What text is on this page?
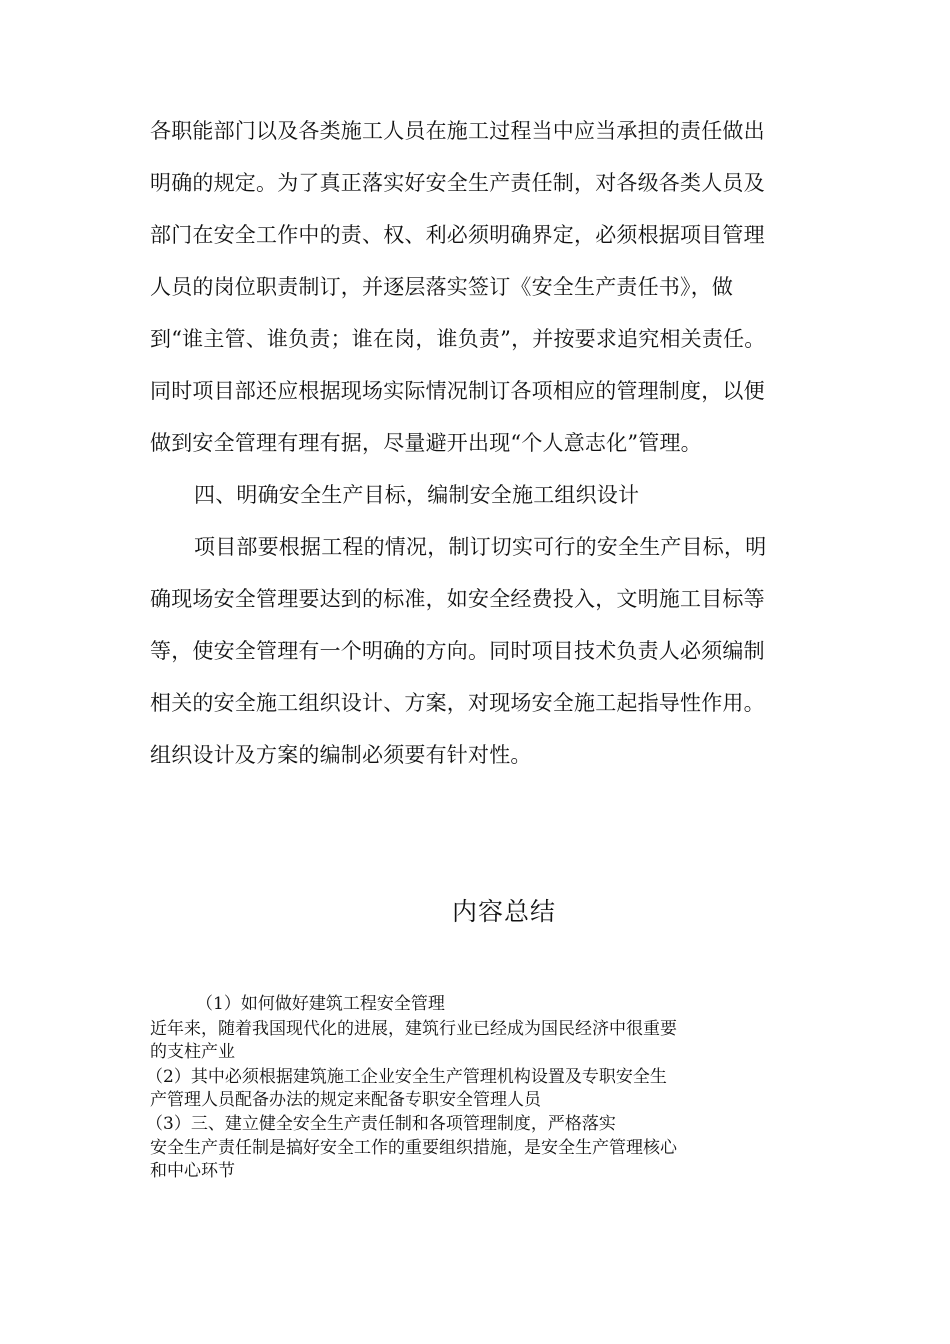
各职能部门以及各类施工人员在施工过程当中应当承担的责任做出
明确的规定。为了真正落实好安全生产责任制，对各级各类人员及
部门在安全工作中的责、权、利必须明确界定，必须根据项目管理
人员的岗位职责制订，并逐层落实签订《安全生产责任书》，做
到“谁主管、谁负责；谁在岗，谁负责”，并按要求追究相关责任。
同时项目部还应根据现场实际情况制订各项相应的管理制度，以便
做到安全管理有理有据，尽量避开出现“个人意志化”管理。
四、明确安全生产目标，编制安全施工组织设计
项目部要根据工程的情况，制订切实可行的安全生产目标，明
确现场安全管理要达到的标准，如安全经费投入，文明施工目标等
等，使安全管理有一个明确的方向。同时项目技术负责人必须编制
相关的安全施工组织设计、方案，对现场安全施工起指导性作用。
组织设计及方案的编制必须要有针对性。
内容总结
（1）如何做好建筑工程安全管理
近年来，随着我国现代化的进展，建筑行业已经成为国民经济中很重要
的支柱产业
（2）其中必须根据建筑施工企业安全生产管理机构设置及专职安全生
产管理人员配备办法的规定来配备专职安全管理人员
（3）三、建立健全安全生产责任制和各项管理制度，严格落实
安全生产责任制是搞好安全工作的重要组织措施，是安全生产管理核心
和中心环节
